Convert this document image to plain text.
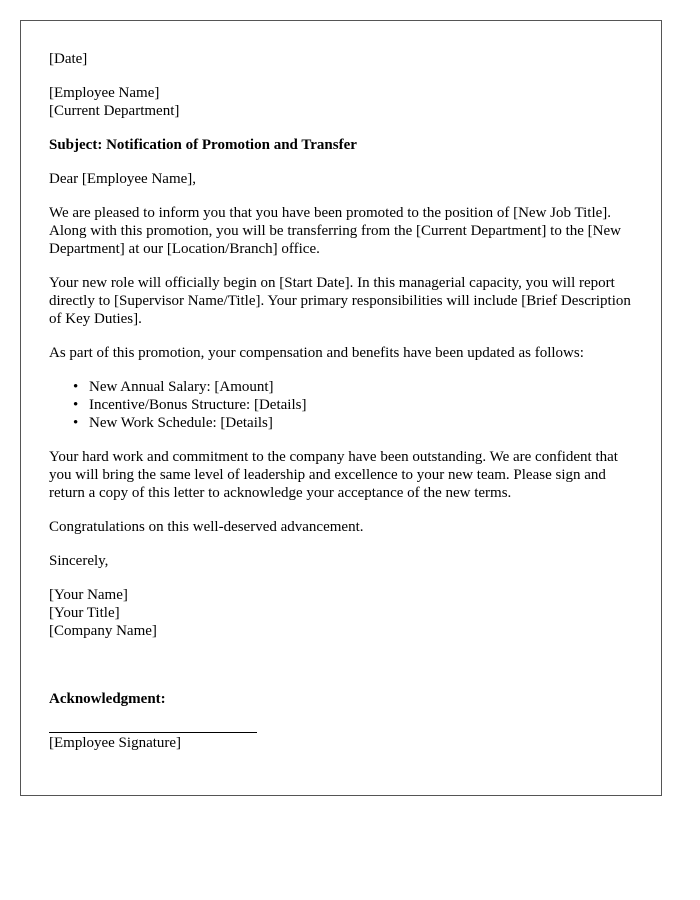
[Date]

[Employee Name]

[Current Department]

Subject: Notification of Promotion and Transfer

Dear [Employee Name],

We are pleased to inform you that you have been promoted to the position of [New Job Title]. Along with this promotion, you will be transferring from the [Current Department] to the [New Department] at our [Location/Branch] office.

Your new role will officially begin on [Start Date]. In this managerial capacity, you will report directly to [Supervisor Name/Title]. Your primary responsibilities will include [Brief Description of Key Duties].

As part of this promotion, your compensation and benefits have been updated as follows:

• New Annual Salary: [Amount]
• Incentive/Bonus Structure: [Details]
• New Work Schedule: [Details]

Your hard work and commitment to the company have been outstanding. We are confident that you will bring the same level of leadership and excellence to your new team. Please sign and return a copy of this letter to acknowledge your acceptance of the new terms.

Congratulations on this well-deserved advancement.

Sincerely,

[Your Name]

[Your Title]

[Company Name]

Acknowledgment:

[Employee Signature]
